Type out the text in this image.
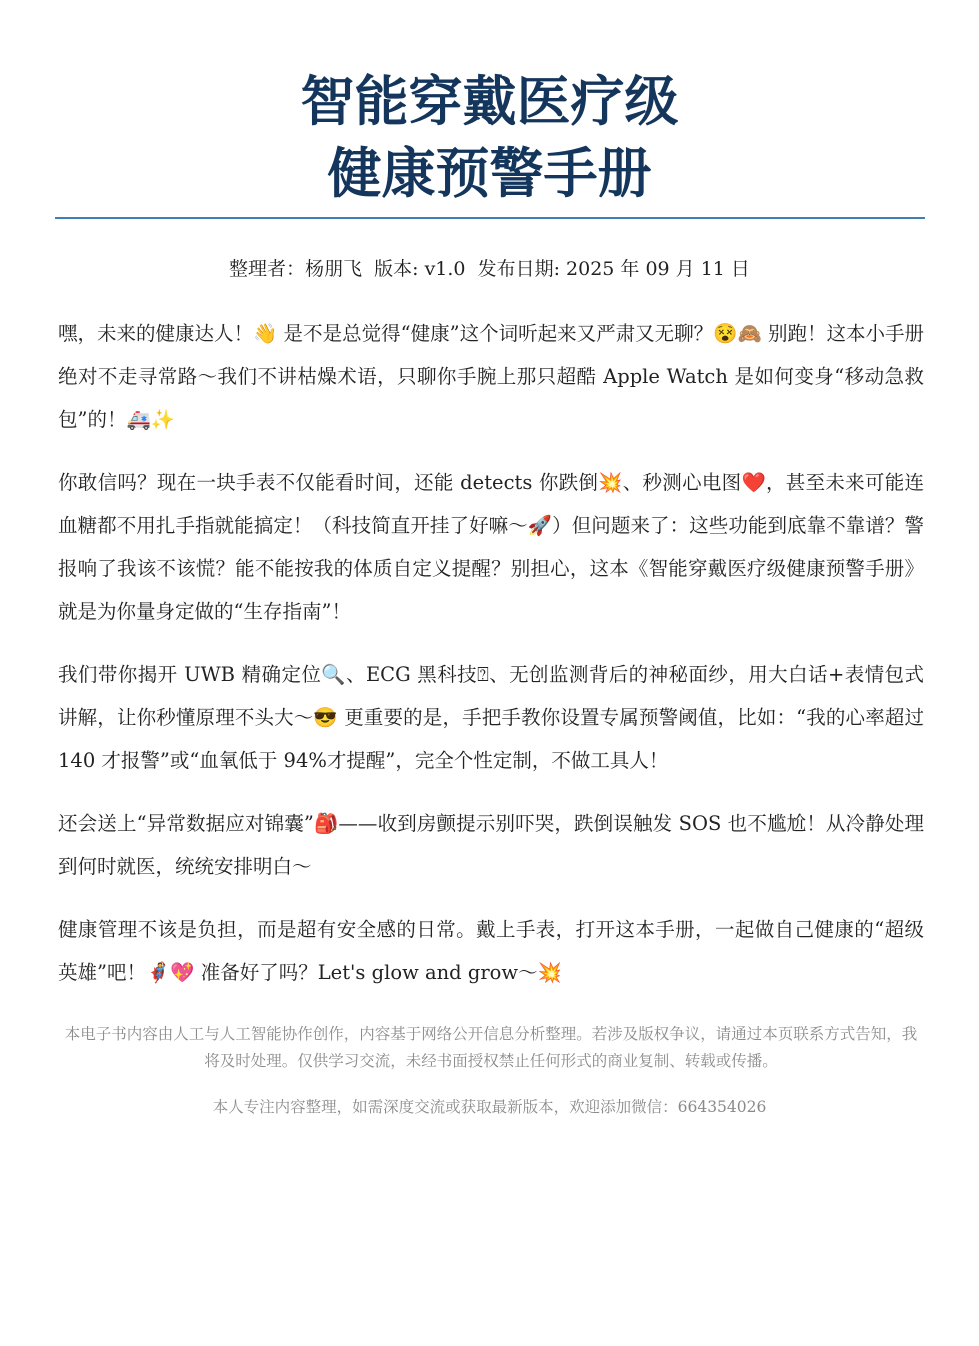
智能穿戴医疗级
健康预警手册
整理者：杨朋飞 版本: v1.0 发布日期: 2025 年 09 月 11 日

嘿，未来的健康达人！👋 是不是总觉得“健康”这个词听起来又严肃又无聊？😵🙈 别跑！这本小手册绝对不走寻常路～我们不讲枯燥术语，只聊你手腕上那只超酷 Apple Watch 是如何变身“移动急救包”的！🚑✨

你敢信吗？现在一块手表不仅能看时间，还能 detects 你跌倒💥、秒测心电图❤️，甚至未来可能连血糖都不用扎手指就能搞定！（科技简直开挂了好嘛～🚀）但问题来了：这些功能到底靠不靠谱？警报响了我该不该慌？能不能按我的体质自定义提醒？别担心，这本《智能穿戴医疗级健康预警手册》就是为你量身定做的“生存指南”！

我们带你揭开 UWB 精确定位🔍、ECG 黑科技⍰、无创监测背后的神秘面纱，用大白话+表情包式讲解，让你秒懂原理不头大～😎 更重要的是，手把手教你设置专属预警阈值，比如：“我的心率超过 140 才报警”或“血氧低于 94%才提醒”，完全个性定制，不做工具人！

还会送上“异常数据应对锦囊”🎒——收到房颤提示别吓哭，跌倒误触发 SOS 也不尴尬！从冷静处理到何时就医，统统安排明白～

健康管理不该是负担，而是超有安全感的日常。戴上手表，打开这本手册，一起做自己健康的“超级英雄”吧！🦸💖 准备好了吗？Let's glow and grow～💥

本电子书内容由人工与人工智能协作创作，内容基于网络公开信息分析整理。若涉及版权争议，请通过本页联系方式告知，我将及时处理。仅供学习交流，未经书面授权禁止任何形式的商业复制、转载或传播。
本人专注内容整理，如需深度交流或获取最新版本，欢迎添加微信：664354026
